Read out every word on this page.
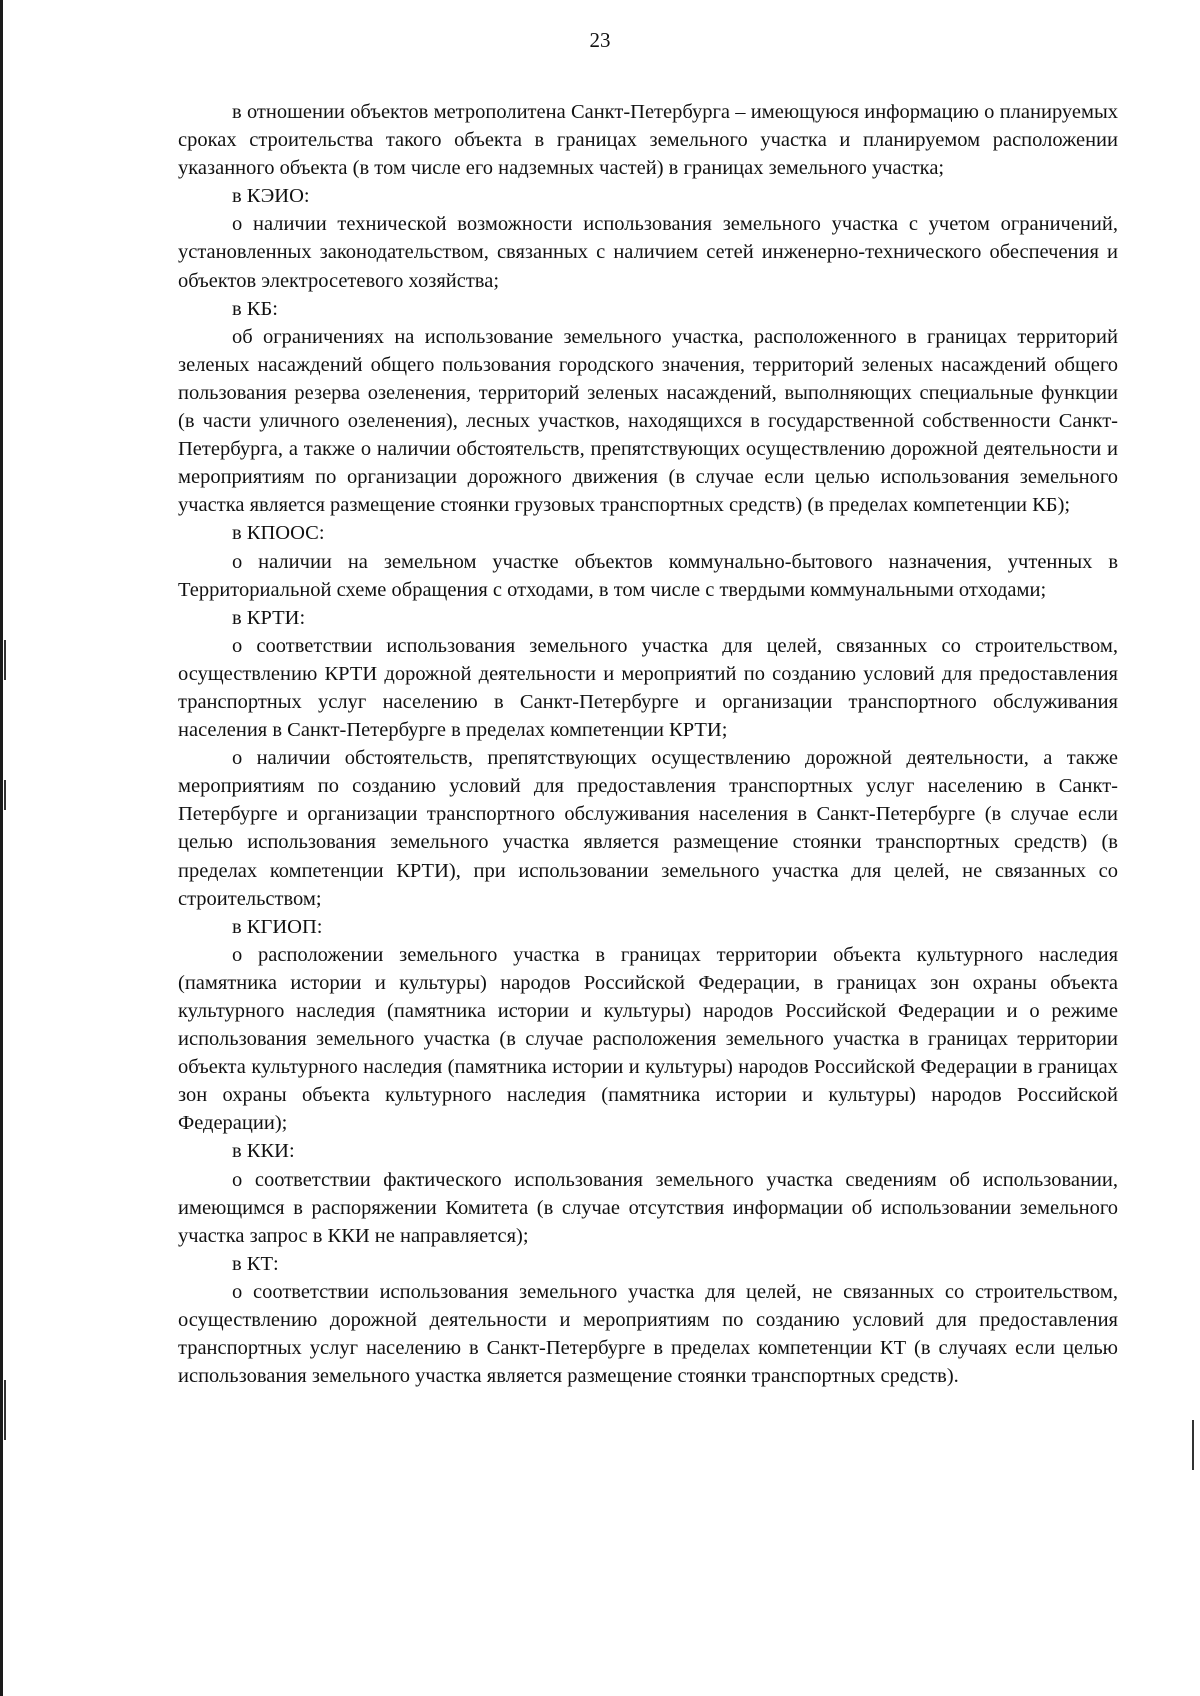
23

в отношении объектов метрополитена Санкт-Петербурга – имеющуюся информацию о планируемых сроках строительства такого объекта в границах земельного участка и планируемом расположении указанного объекта (в том числе его надземных частей) в границах земельного участка;

в КЭИО:

о наличии технической возможности использования земельного участка с учетом ограничений, установленных законодательством, связанных с наличием сетей инженерно-технического обеспечения и объектов электросетевого хозяйства;

в КБ:

об ограничениях на использование земельного участка, расположенного в границах территорий зеленых насаждений общего пользования городского значения, территорий зеленых насаждений общего пользования резерва озеленения, территорий зеленых насаждений, выполняющих специальные функции (в части уличного озеленения), лесных участков, находящихся в государственной собственности Санкт-Петербурга, а также о наличии обстоятельств, препятствующих осуществлению дорожной деятельности и мероприятиям по организации дорожного движения (в случае если целью использования земельного участка является размещение стоянки грузовых транспортных средств) (в пределах компетенции КБ);

в КПООС:

о наличии на земельном участке объектов коммунально-бытового назначения, учтенных в Территориальной схеме обращения с отходами, в том числе с твердыми коммунальными отходами;

в КРТИ:

о соответствии использования земельного участка для целей, связанных со строительством, осуществлению КРТИ дорожной деятельности и мероприятий по созданию условий для предоставления транспортных услуг населению в Санкт-Петербурге и организации транспортного обслуживания населения в Санкт-Петербурге в пределах компетенции КРТИ;

о наличии обстоятельств, препятствующих осуществлению дорожной деятельности, а также мероприятиям по созданию условий для предоставления транспортных услуг населению в Санкт-Петербурге и организации транспортного обслуживания населения в Санкт-Петербурге (в случае если целью использования земельного участка является размещение стоянки транспортных средств) (в пределах компетенции КРТИ), при использовании земельного участка для целей, не связанных со строительством;

в КГИОП:

о расположении земельного участка в границах территории объекта культурного наследия (памятника истории и культуры) народов Российской Федерации, в границах зон охраны объекта культурного наследия (памятника истории и культуры) народов Российской Федерации и о режиме использования земельного участка (в случае расположения земельного участка в границах территории объекта культурного наследия (памятника истории и культуры) народов Российской Федерации в границах зон охраны объекта культурного наследия (памятника истории и культуры) народов Российской Федерации);

в ККИ:

о соответствии фактического использования земельного участка сведениям об использовании, имеющимся в распоряжении Комитета (в случае отсутствия информации об использовании земельного участка запрос в ККИ не направляется);

в КТ:

о соответствии использования земельного участка для целей, не связанных со строительством, осуществлению дорожной деятельности и мероприятиям по созданию условий для предоставления транспортных услуг населению в Санкт-Петербурге в пределах компетенции КТ (в случаях если целью использования земельного участка является размещение стоянки транспортных средств).
